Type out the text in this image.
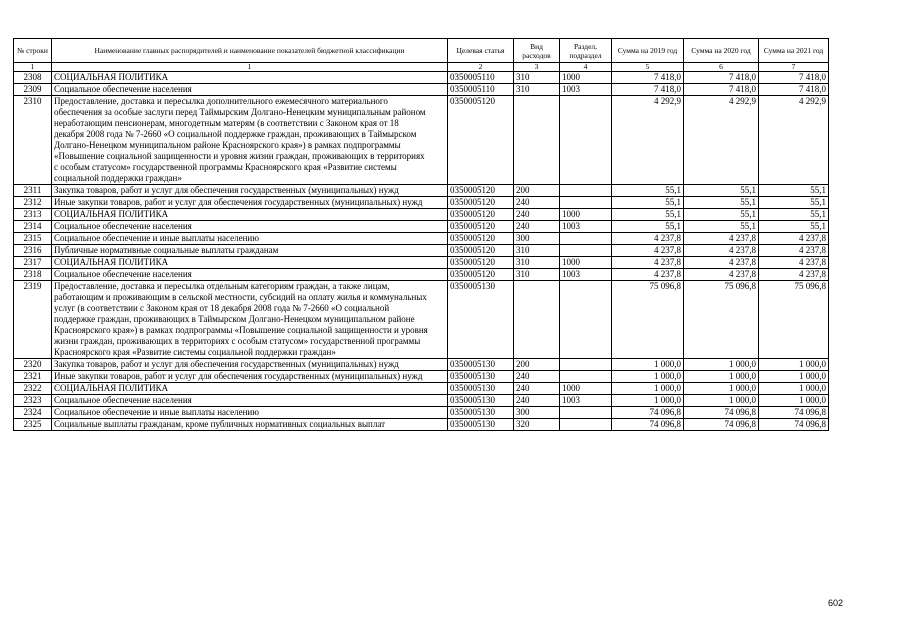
№ строки	Наименование главных распорядителей и наименование показателей бюджетной классификации	Целевая статья	Вид расходов	Раздел, подраздел	Сумма на 2019 год	Сумма на 2020 год	Сумма на 2021 год
1	1	2	3	4	5	6	7
2308	СОЦИАЛЬНАЯ ПОЛИТИКА	0350005110	310	1000	7 418,0	7 418,0	7 418,0
2309	Социальное обеспечение населения	0350005110	310	1003	7 418,0	7 418,0	7 418,0
2310	Предоставление, доставка и пересылка дополнительного ежемесячного материального обеспечения за особые заслуги перед Таймырским Долгано-Ненецким муниципальным районом неработающим пенсионерам, многодетным матерям (в соответствии с Законом края от 18 декабря 2008 года № 7-2660 «О социальной поддержке граждан, проживающих в Таймырском Долгано-Ненецком муниципальном районе Красноярского края») в рамках подпрограммы «Повышение социальной защищенности и уровня жизни граждан, проживающих в территориях с особым статусом» государственной программы Красноярского края «Развитие системы социальной поддержки граждан»	0350005120			4 292,9	4 292,9	4 292,9
2311	Закупка товаров, работ и услуг для обеспечения государственных (муниципальных) нужд	0350005120	200		55,1	55,1	55,1
2312	Иные закупки товаров, работ и услуг для обеспечения государственных (муниципальных) нужд	0350005120	240		55,1	55,1	55,1
2313	СОЦИАЛЬНАЯ ПОЛИТИКА	0350005120	240	1000	55,1	55,1	55,1
2314	Социальное обеспечение населения	0350005120	240	1003	55,1	55,1	55,1
2315	Социальное обеспечение и иные выплаты населению	0350005120	300		4 237,8	4 237,8	4 237,8
2316	Публичные нормативные социальные выплаты гражданам	0350005120	310		4 237,8	4 237,8	4 237,8
2317	СОЦИАЛЬНАЯ ПОЛИТИКА	0350005120	310	1000	4 237,8	4 237,8	4 237,8
2318	Социальное обеспечение населения	0350005120	310	1003	4 237,8	4 237,8	4 237,8
2319	Предоставление, доставка и пересылка отдельным категориям граждан, а также лицам, работающим и проживающим в сельской местности, субсидий на оплату жилья и коммунальных услуг (в соответствии с Законом края от 18 декабря 2008 года № 7-2660 «О социальной поддержке граждан, проживающих в Таймырском Долгано-Ненецком муниципальном районе Красноярского края») в рамках подпрограммы «Повышение социальной защищенности и уровня жизни граждан, проживающих в территориях с особым статусом» государственной программы Красноярского края «Развитие системы социальной поддержки граждан»	0350005130			75 096,8	75 096,8	75 096,8
2320	Закупка товаров, работ и услуг для обеспечения государственных (муниципальных) нужд	0350005130	200		1 000,0	1 000,0	1 000,0
2321	Иные закупки товаров, работ и услуг для обеспечения государственных (муниципальных) нужд	0350005130	240		1 000,0	1 000,0	1 000,0
2322	СОЦИАЛЬНАЯ ПОЛИТИКА	0350005130	240	1000	1 000,0	1 000,0	1 000,0
2323	Социальное обеспечение населения	0350005130	240	1003	1 000,0	1 000,0	1 000,0
2324	Социальное обеспечение и иные выплаты населению	0350005130	300		74 096,8	74 096,8	74 096,8
2325	Социальные выплаты гражданам, кроме публичных нормативных социальных выплат	0350005130	320		74 096,8	74 096,8	74 096,8
602
